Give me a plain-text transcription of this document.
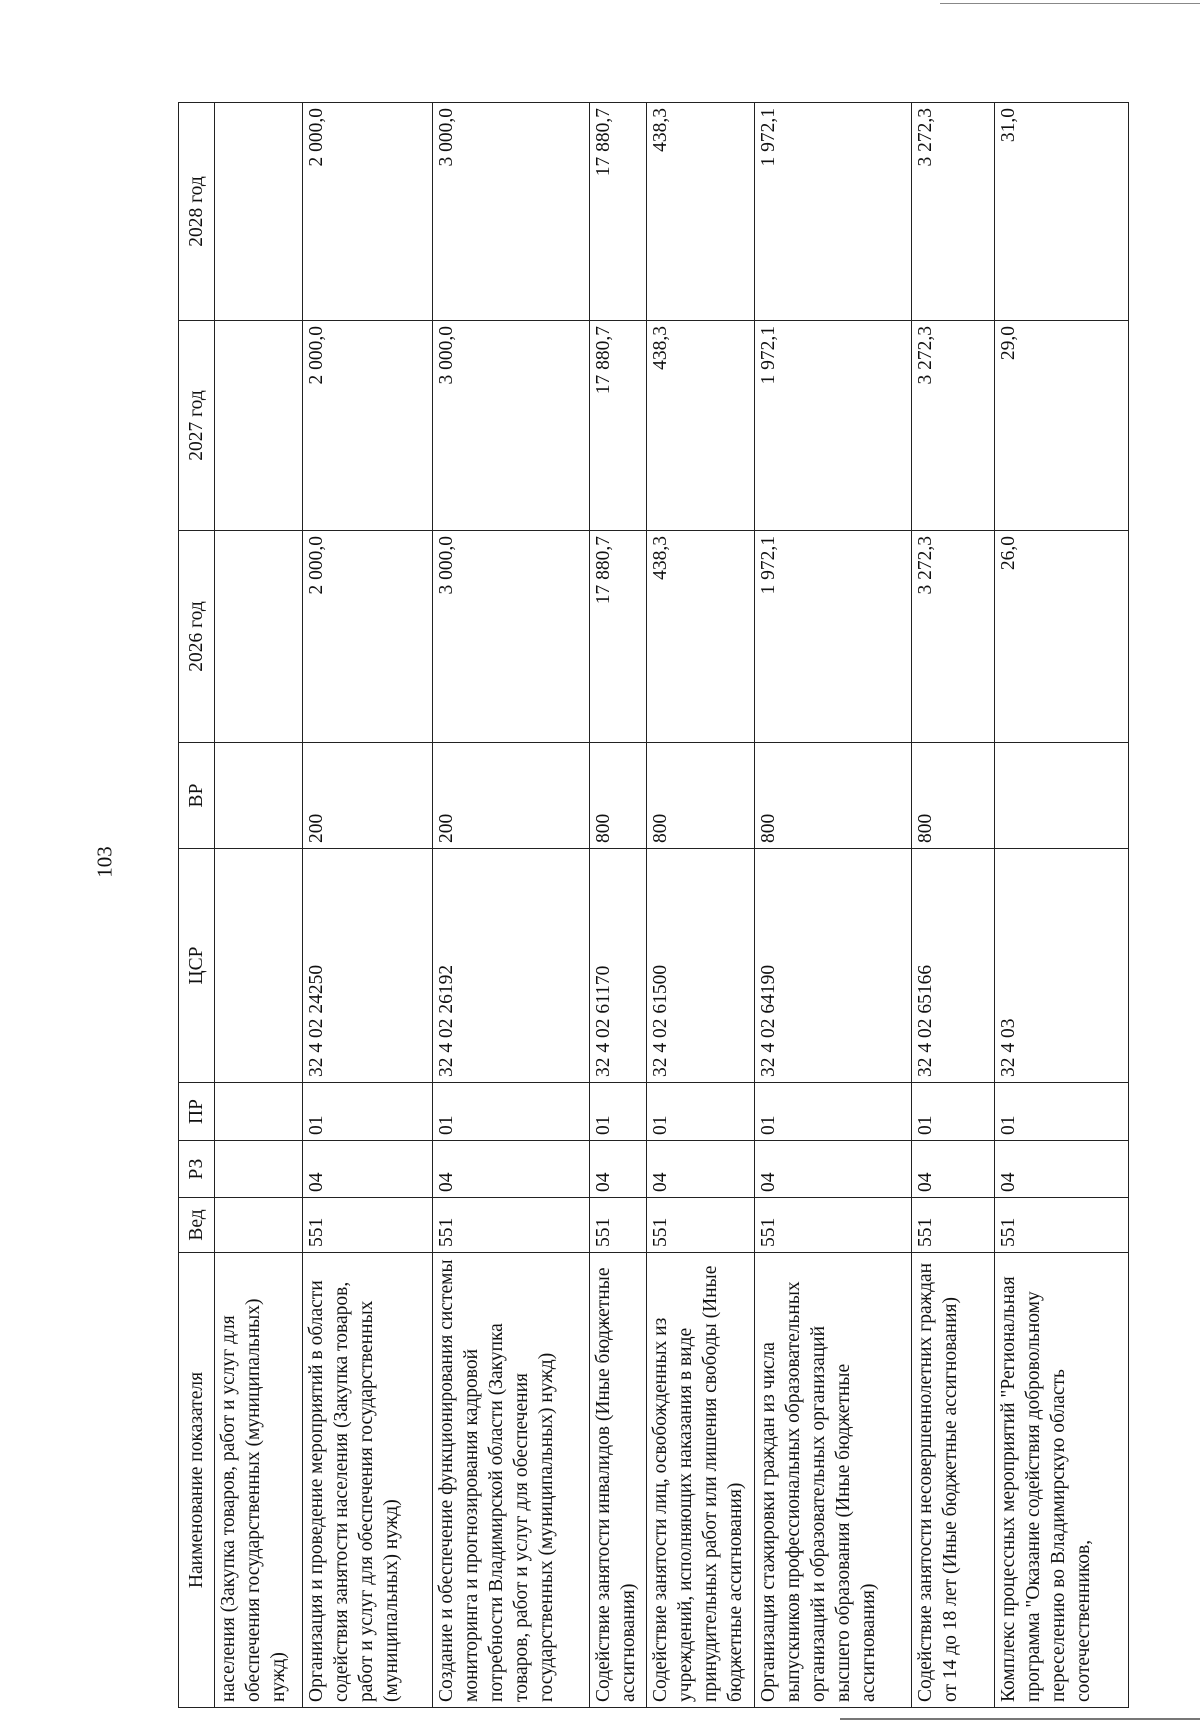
103
Наименование показателя	Вед	РЗ	ПР	ЦСР	ВР	2026 год	2027 год	2028 год
населения (Закупка товаров, работ и услуг для обеспечения государственных (муниципальных) нужд)								
Организация и проведение мероприятий в области содействия занятости населения (Закупка товаров, работ и услуг для обеспечения государственных (муниципальных) нужд)	551	04	01	32 4 02 24250	200	2 000,0	2 000,0	2 000,0
Создание и обеспечение функционирования системы мониторинга и прогнозирования кадровой потребности Владимирской области (Закупка товаров, работ и услуг для обеспечения государственных (муниципальных) нужд)	551	04	01	32 4 02 26192	200	3 000,0	3 000,0	3 000,0
Содействие занятости инвалидов (Иные бюджетные ассигнования)	551	04	01	32 4 02 61170	800	17 880,7	17 880,7	17 880,7
Содействие занятости лиц, освобожденных из учреждений, исполняющих наказания в виде принудительных работ или лишения свободы (Иные бюджетные ассигнования)	551	04	01	32 4 02 61500	800	438,3	438,3	438,3
Организация стажировки граждан из числа выпускников профессиональных образовательных организаций и образовательных организаций высшего образования (Иные бюджетные ассигнования)	551	04	01	32 4 02 64190	800	1 972,1	1 972,1	1 972,1
Содействие занятости несовершеннолетних граждан от 14 до 18 лет (Иные бюджетные ассигнования)	551	04	01	32 4 02 65166	800	3 272,3	3 272,3	3 272,3
Комплекс процессных мероприятий "Региональная программа "Оказание содействия добровольному переселению во Владимирскую область соотечественников,	551	04	01	32 4 03		26,0	29,0	31,0
